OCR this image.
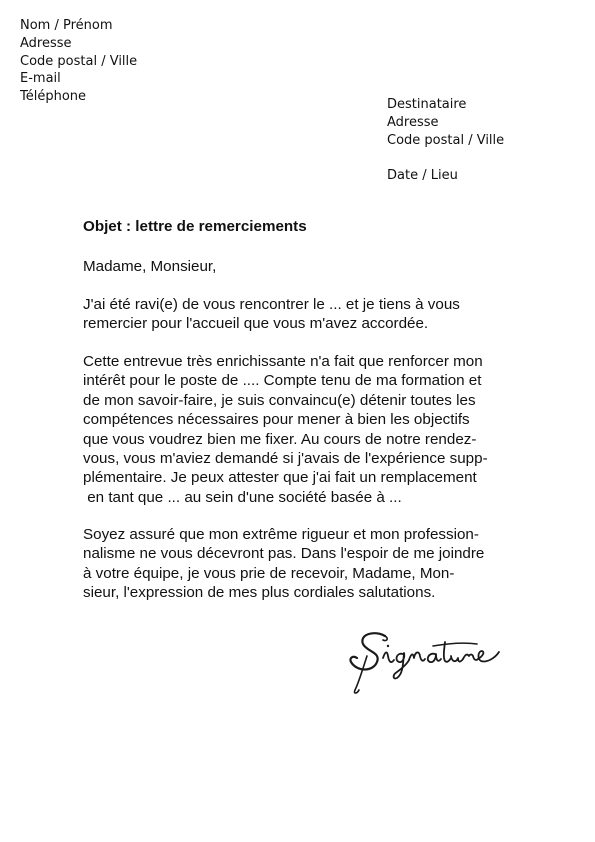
Nom / Prénom
Adresse
Code postal / Ville
E-mail
Téléphone
Destinataire
Adresse
Code postal / Ville
Date / Lieu
Objet : lettre de remerciements
Madame, Monsieur,
J'ai été ravi(e) de vous rencontrer le ... et je tiens à vous
remercier pour l'accueil que vous m'avez accordée.
Cette entrevue très enrichissante n'a fait que renforcer mon
intérêt pour le poste de .... Compte tenu de ma formation et
de mon savoir-faire, je suis convaincu(e) détenir toutes les
compétences nécessaires pour mener à bien les objectifs
que vous voudrez bien me fixer. Au cours de notre rendez-
vous, vous m'aviez demandé si j'avais de l'expérience supp-
plémentaire. Je peux attester que j'ai fait un remplacement
en tant que ... au sein d'une société basée à ...
Soyez assuré que mon extrême rigueur et mon profession-
nalisme ne vous décevront pas. Dans l'espoir de me joindre
à votre équipe, je vous prie de recevoir, Madame, Mon-
sieur, l'expression de mes plus cordiales salutations.
